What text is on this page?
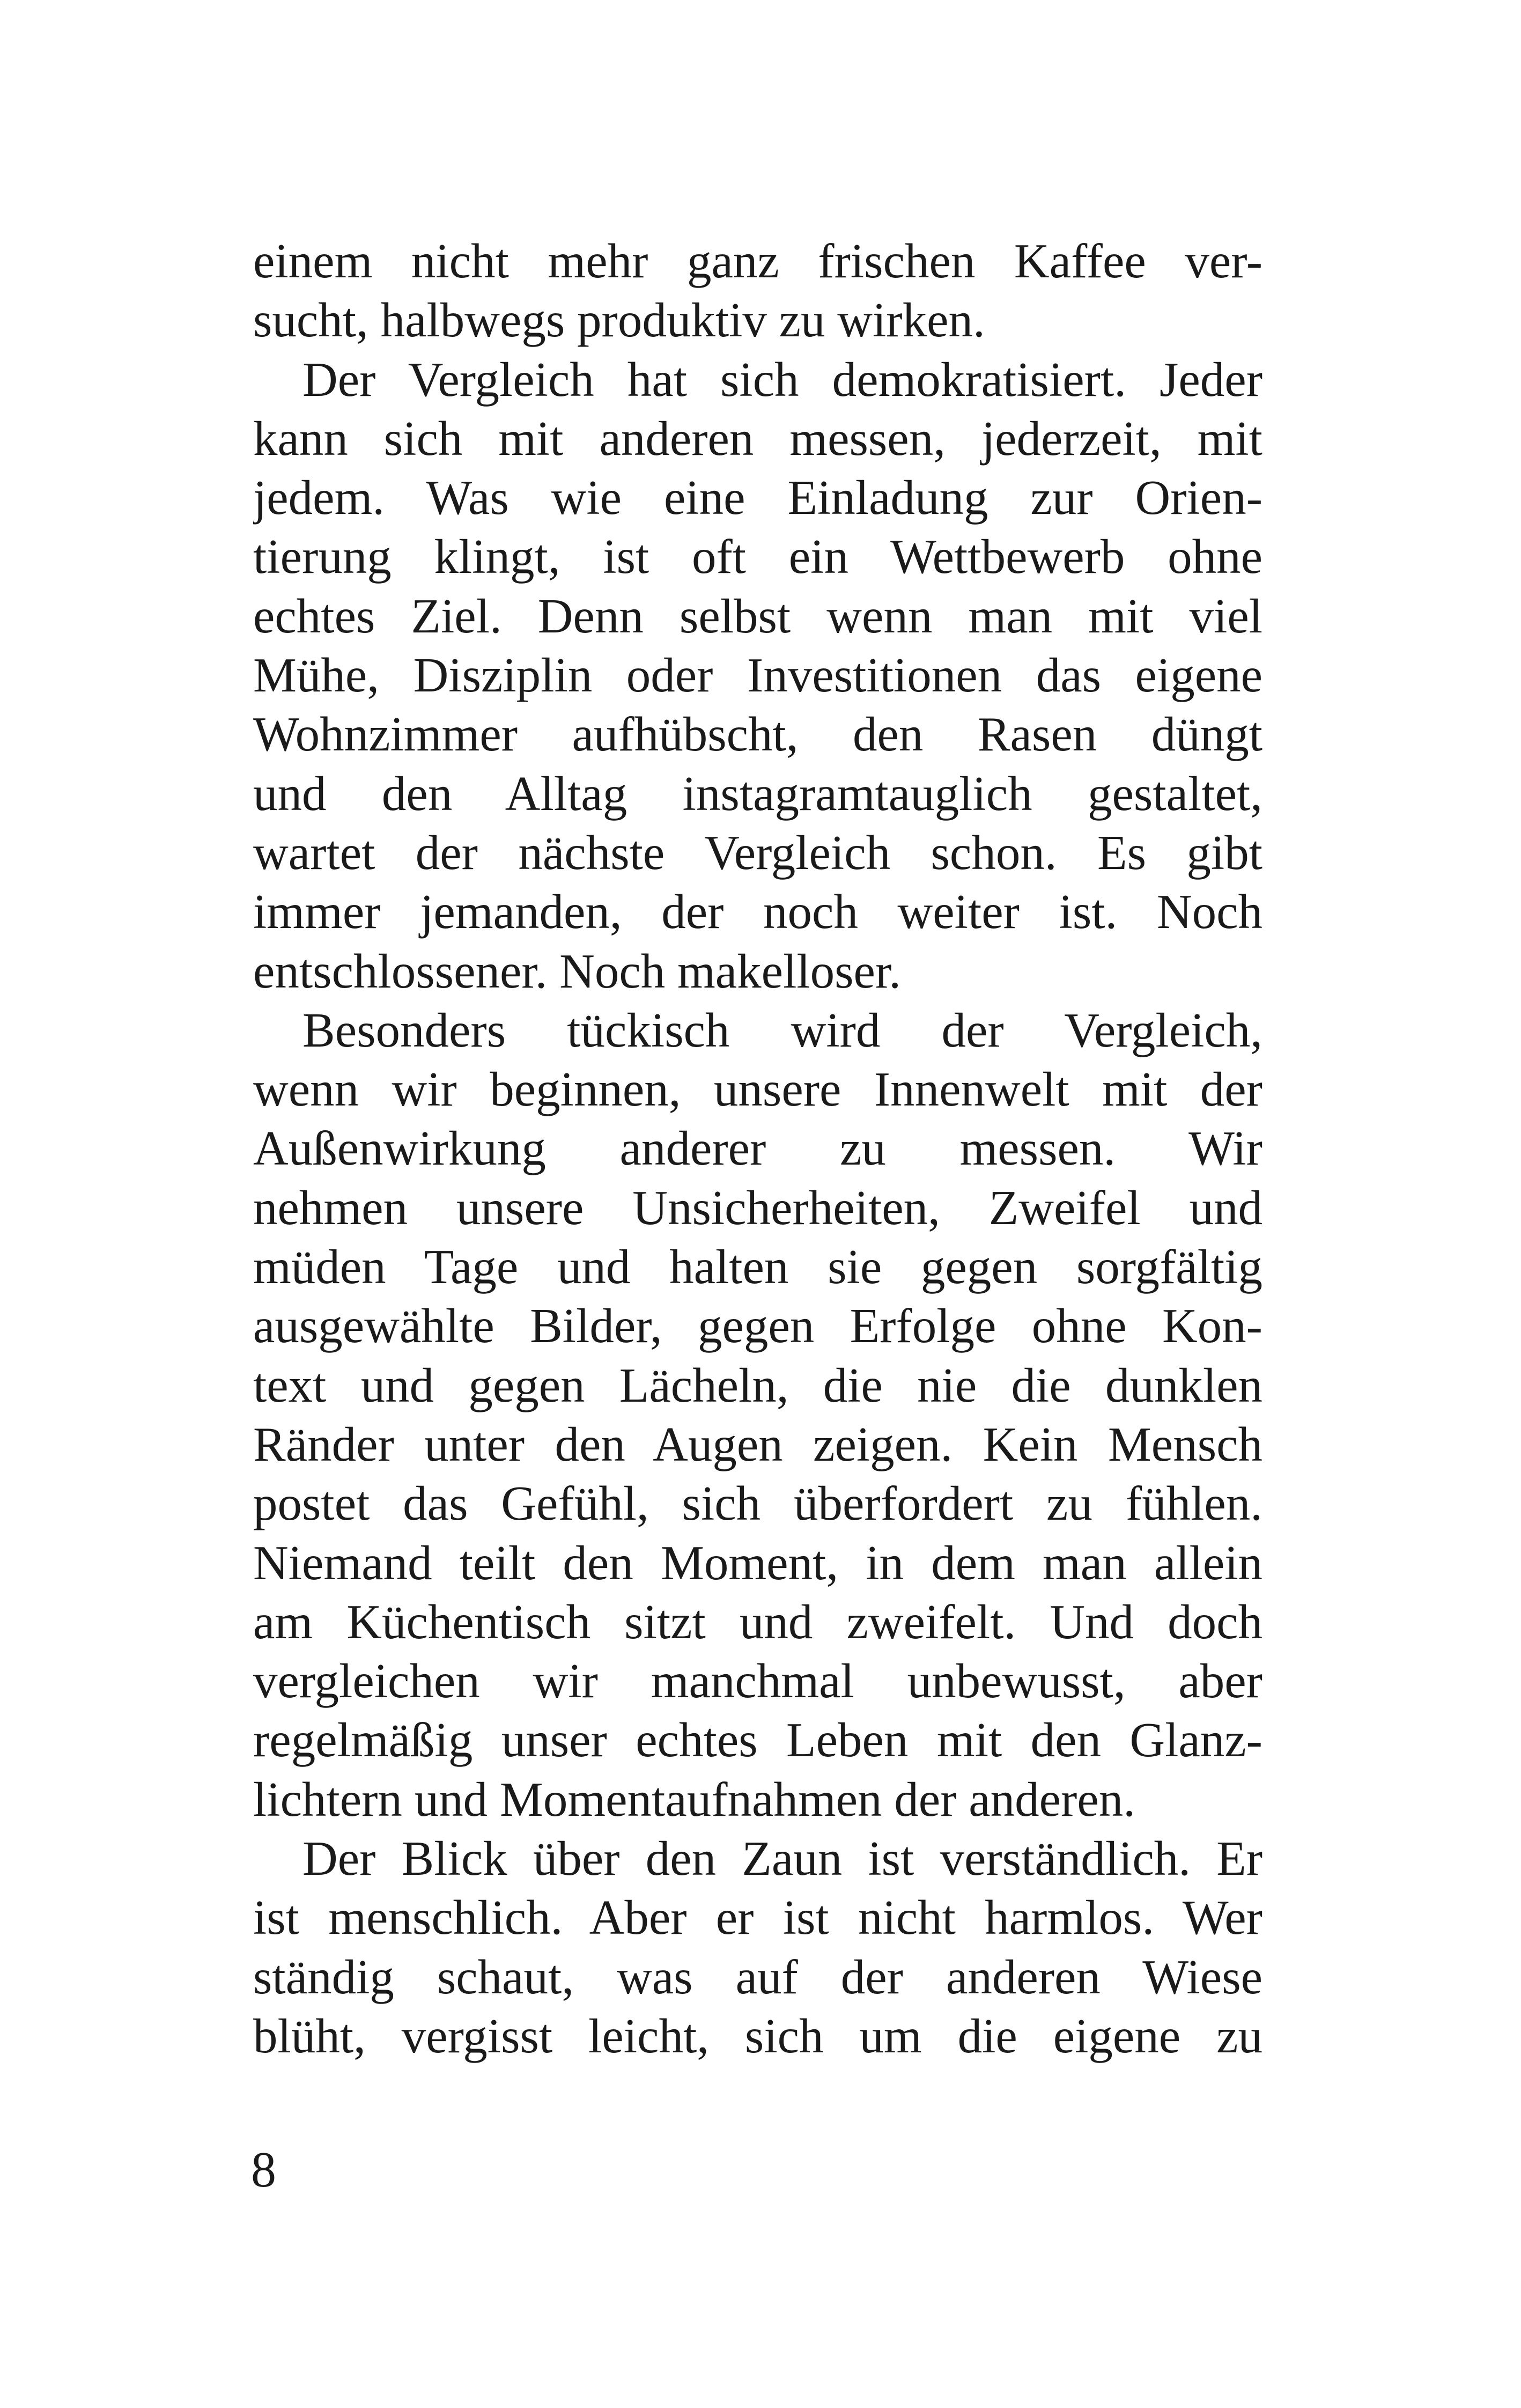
einem nicht mehr ganz frischen Kaffee ver-
sucht, halbwegs produktiv zu wirken.
Der Vergleich hat sich demokratisiert. Jeder
kann sich mit anderen messen, jederzeit, mit
jedem. Was wie eine Einladung zur Orien-
tierung klingt, ist oft ein Wettbewerb ohne
echtes Ziel. Denn selbst wenn man mit viel
Mühe, Disziplin oder Investitionen das eigene
Wohnzimmer aufhübscht, den Rasen düngt
und den Alltag instagramtauglich gestaltet,
wartet der nächste Vergleich schon. Es gibt
immer jemanden, der noch weiter ist. Noch
entschlossener. Noch makelloser.
Besonders tückisch wird der Vergleich,
wenn wir beginnen, unsere Innenwelt mit der
Außenwirkung anderer zu messen. Wir
nehmen unsere Unsicherheiten, Zweifel und
müden Tage und halten sie gegen sorgfältig
ausgewählte Bilder, gegen Erfolge ohne Kon-
text und gegen Lächeln, die nie die dunklen
Ränder unter den Augen zeigen. Kein Mensch
postet das Gefühl, sich überfordert zu fühlen.
Niemand teilt den Moment, in dem man allein
am Küchentisch sitzt und zweifelt. Und doch
vergleichen wir manchmal unbewusst, aber
regelmäßig unser echtes Leben mit den Glanz-
lichtern und Momentaufnahmen der anderen.
Der Blick über den Zaun ist verständlich. Er
ist menschlich. Aber er ist nicht harmlos. Wer
ständig schaut, was auf der anderen Wiese
blüht, vergisst leicht, sich um die eigene zu
8
